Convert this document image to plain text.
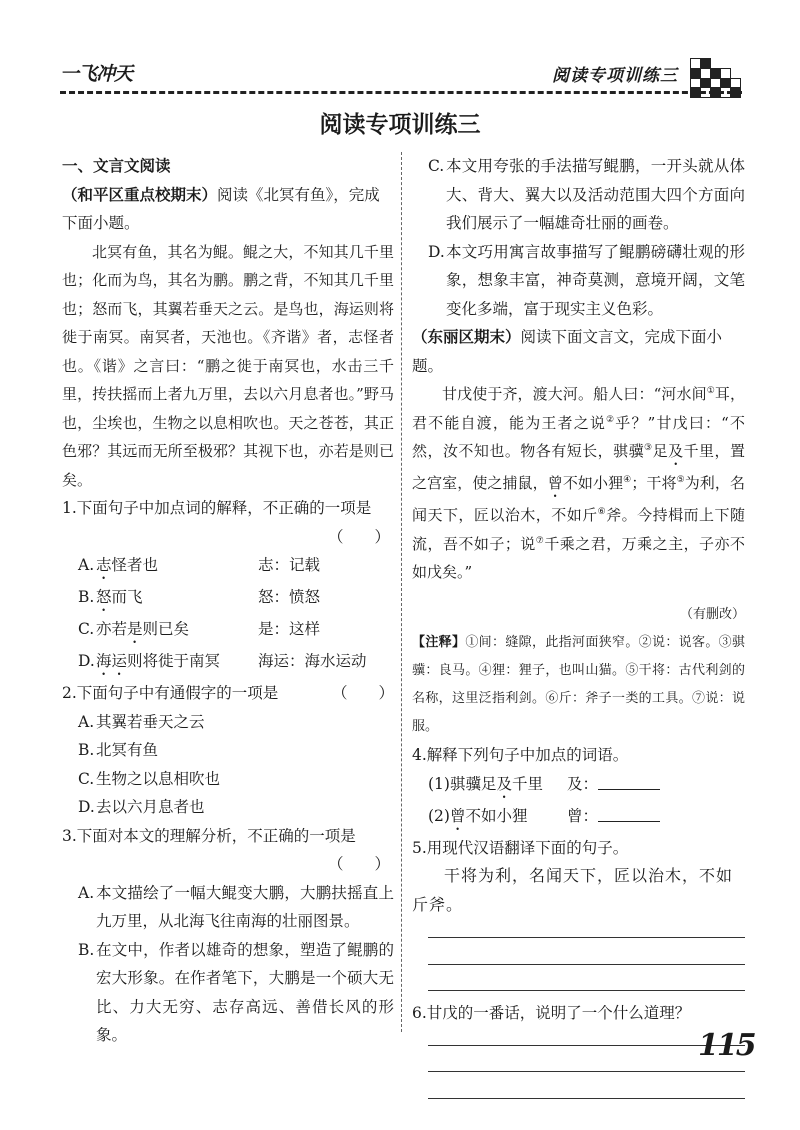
一飞冲天	阅读专项训练三
阅读专项训练三
一、文言文阅读

（和平区重点校期末）阅读《北冥有鱼》，完成下面小题。

北冥有鱼，其名为鲲。鲲之大，不知其几千里也；化而为鸟，其名为鹏。鹏之背，不知其几千里也；怒而飞，其翼若垂天之云。是鸟也，海运则将徙于南冥。南冥者，天池也。《齐谐》者，志怪者也。《谐》之言曰：“鹏之徙于南冥也，水击三千里，抟扶摇而上者九万里，去以六月息者也。”野马也，尘埃也，生物之以息相吹也。天之苍苍，其正色邪？其远而无所至极邪？其视下也，亦若是则已矣。

1.下面句子中加点词的解释，不正确的一项是
（　　）
A. 志怪者也	志：记载
B. 怒而飞	怒：愤怒
C. 亦若是则已矣	是：这样
D. 海运则将徙于南冥	海运：海水运动
2.下面句子中有通假字的一项是	（　　）
A. 其翼若垂天之云
B. 北冥有鱼
C. 生物之以息相吹也
D. 去以六月息者也
3.下面对本文的理解分析，不正确的一项是
（　　）
A. 本文描绘了一幅大鲲变大鹏，大鹏扶摇直上九万里，从北海飞往南海的壮丽图景。
B. 在文中，作者以雄奇的想象，塑造了鲲鹏的宏大形象。在作者笔下，大鹏是一个硕大无比、力大无穷、志存高远、善借长风的形象。
C. 本文用夸张的手法描写鲲鹏，一开头就从体大、背大、翼大以及活动范围大四个方面向我们展示了一幅雄奇壮丽的画卷。
D. 本文巧用寓言故事描写了鲲鹏磅礴壮观的形象，想象丰富，神奇莫测，意境开阔，文笔变化多端，富于现实主义色彩。

（东丽区期末）阅读下面文言文，完成下面小题。

甘戊使于齐，渡大河。船人曰：“河水间①耳，君不能自渡，能为王者之说②乎？”甘戊曰：“不然，汝不知也。物各有短长，骐骥③足及千里，置之宫室，使之捕鼠，曾不如小狸④；干将⑤为利，名闻天下，匠以治木，不如斤⑥斧。今持楫而上下随流，吾不如子；说⑦千乘之君，万乘之主，子亦不如戊矣。”

（有删改）

【注释】①间：缝隙，此指河面狭窄。②说：说客。③骐骥：良马。④狸：狸子，也叫山猫。⑤干将：古代利剑的名称，这里泛指利剑。⑥斤：斧子一类的工具。⑦说：说服。

4.解释下列句子中加点的词语。
(1)骐骥足及千里	及：
(2)曾不如小狸	曾：
5.用现代汉语翻译下面的句子。

干将为利，名闻天下，匠以治木，不如斤斧。

6.甘戊的一番话，说明了一个什么道理？
115
